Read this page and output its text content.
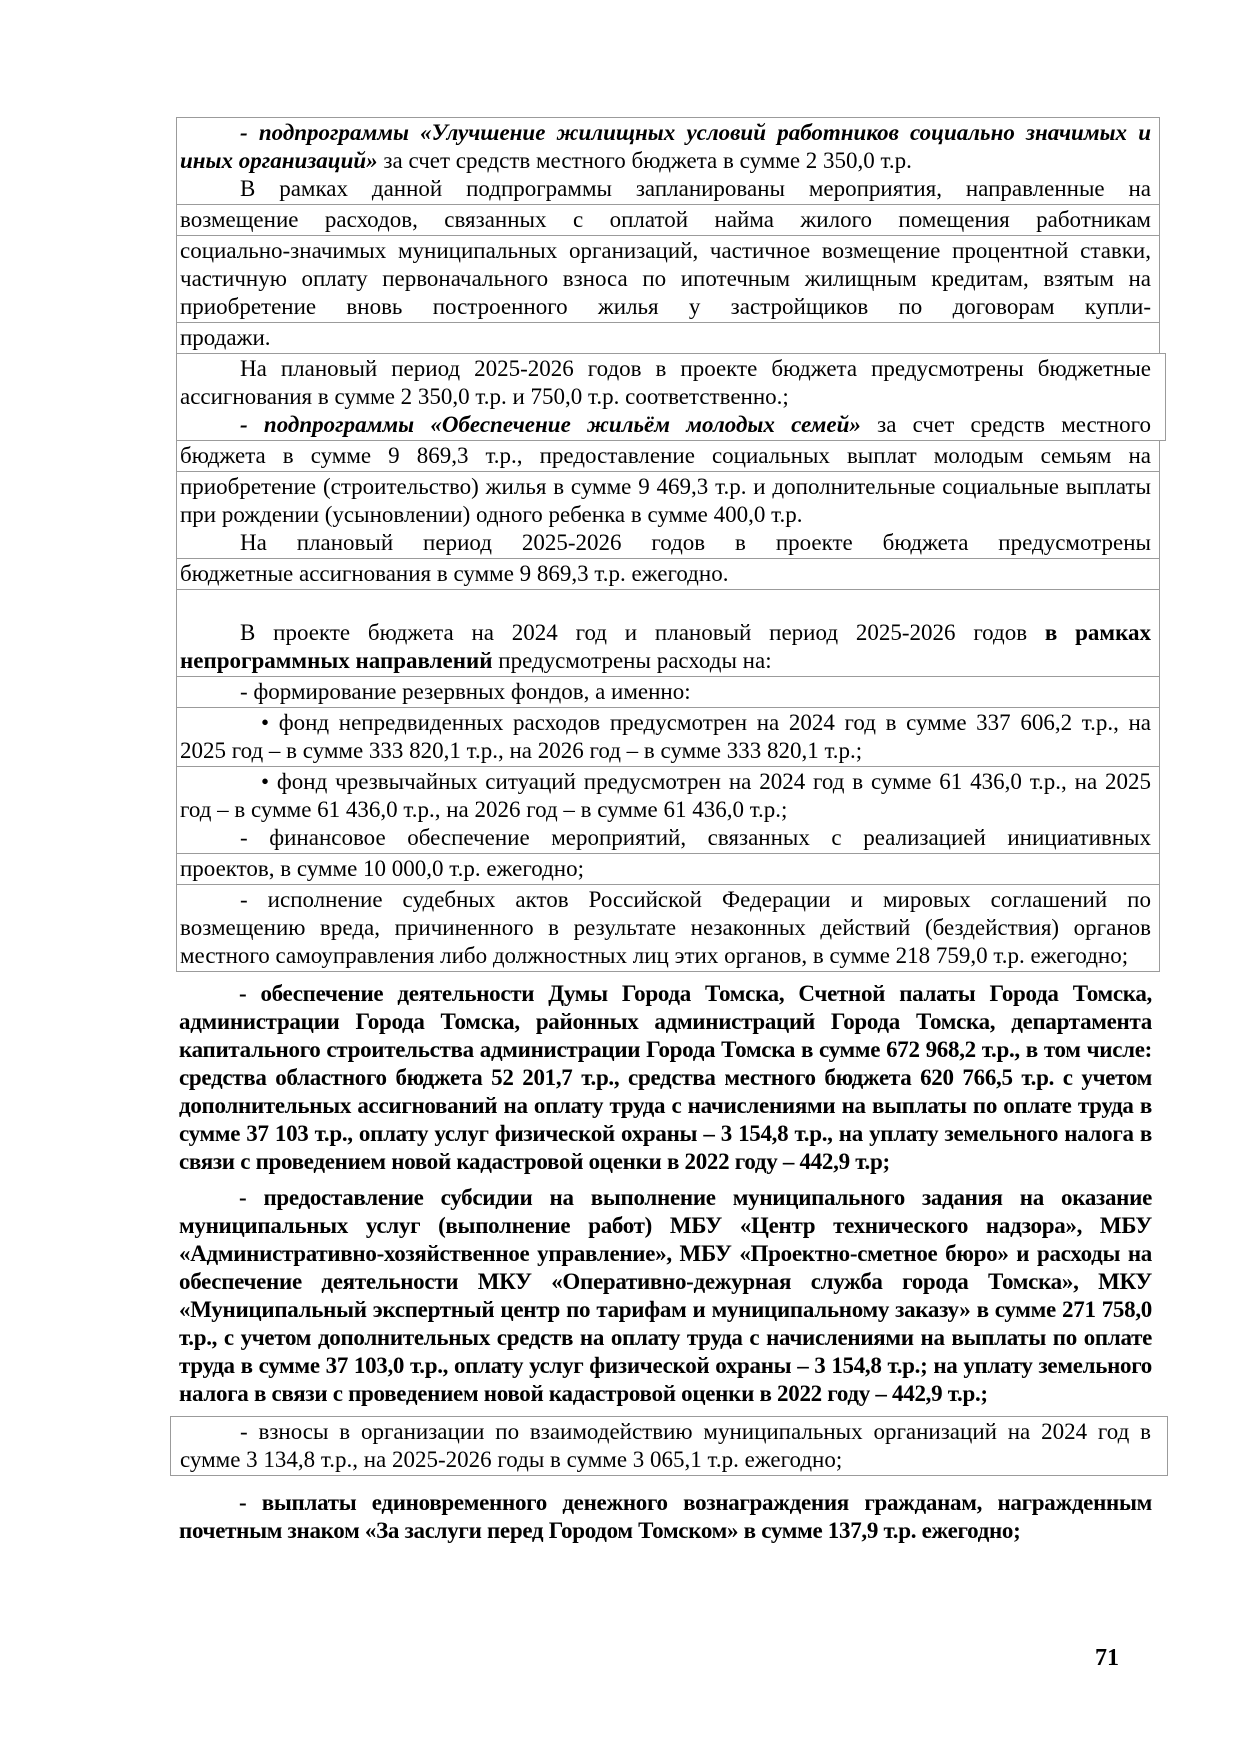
- подпрограммы «Улучшение жилищных условий работников социально значимых и иных организаций» за счет средств местного бюджета в сумме 2 350,0 т.р.

В рамках данной подпрограммы запланированы мероприятия, направленные на

возмещение расходов, связанных с оплатой найма жилого помещения работникам

социально-значимых муниципальных организаций, частичное возмещение процентной ставки, частичную оплату первоначального взноса по ипотечным жилищным кредитам, взятым на приобретение вновь построенного жилья у застройщиков по договорам купли-

продажи.

На плановый период 2025-2026 годов в проекте бюджета предусмотрены бюджетные ассигнования в сумме 2 350,0 т.р. и 750,0 т.р. соответственно.;

- подпрограммы «Обеспечение жильём молодых семей» за счет средств местного

бюджета в сумме 9 869,3 т.р., предоставление социальных выплат молодым семьям на

приобретение (строительство) жилья в сумме 9 469,3 т.р. и дополнительные социальные выплаты при рождении (усыновлении) одного ребенка в сумме 400,0 т.р.

На плановый период 2025-2026 годов в проекте бюджета предусмотрены

бюджетные ассигнования в сумме 9 869,3 т.р. ежегодно.

В проекте бюджета на 2024 год и плановый период 2025-2026 годов в рамках непрограммных направлений предусмотрены расходы на:

- формирование резервных фондов, а именно:

• фонд непредвиденных расходов предусмотрен на 2024 год в сумме 337 606,2 т.р., на 2025 год – в сумме 333 820,1 т.р., на 2026 год – в сумме 333 820,1 т.р.;

• фонд чрезвычайных ситуаций предусмотрен на 2024 год в сумме 61 436,0 т.р., на 2025 год – в сумме 61 436,0 т.р., на 2026 год – в сумме 61 436,0 т.р.;

- финансовое обеспечение мероприятий, связанных с реализацией инициативных

проектов, в сумме 10 000,0 т.р. ежегодно;

- исполнение судебных актов Российской Федерации и мировых соглашений по возмещению вреда, причиненного в результате незаконных действий (бездействия) органов местного самоуправления либо должностных лиц этих органов, в сумме 218 759,0 т.р. ежегодно;

- обеспечение деятельности Думы Города Томска, Счетной палаты Города Томска, администрации Города Томска, районных администраций Города Томска, департамента капитального строительства администрации Города Томска в сумме 672 968,2 т.р., в том числе: средства областного бюджета 52 201,7 т.р., средства местного бюджета 620 766,5 т.р. с учетом дополнительных ассигнований на оплату труда с начислениями на выплаты по оплате труда в сумме 37 103 т.р., оплату услуг физической охраны – 3 154,8 т.р., на уплату земельного налога в связи с проведением новой кадастровой оценки в 2022 году – 442,9 т.р;

- предоставление субсидии на выполнение муниципального задания на оказание муниципальных услуг (выполнение работ) МБУ «Центр технического надзора», МБУ «Административно-хозяйственное управление», МБУ «Проектно-сметное бюро» и расходы на обеспечение деятельности МКУ «Оперативно-дежурная служба города Томска», МКУ «Муниципальный экспертный центр по тарифам и муниципальному заказу» в сумме 271 758,0 т.р., с учетом дополнительных средств на оплату труда с начислениями на выплаты по оплате труда в сумме 37 103,0 т.р., оплату услуг физической охраны – 3 154,8 т.р.; на уплату земельного налога в связи с проведением новой кадастровой оценки в 2022 году – 442,9 т.р.;

- взносы в организации по взаимодействию муниципальных организаций на 2024 год в сумме 3 134,8 т.р., на 2025-2026 годы в сумме 3 065,1 т.р. ежегодно;

- выплаты единовременного денежного вознаграждения гражданам, награжденным почетным знаком «За заслуги перед Городом Томском» в сумме 137,9 т.р. ежегодно;

71
